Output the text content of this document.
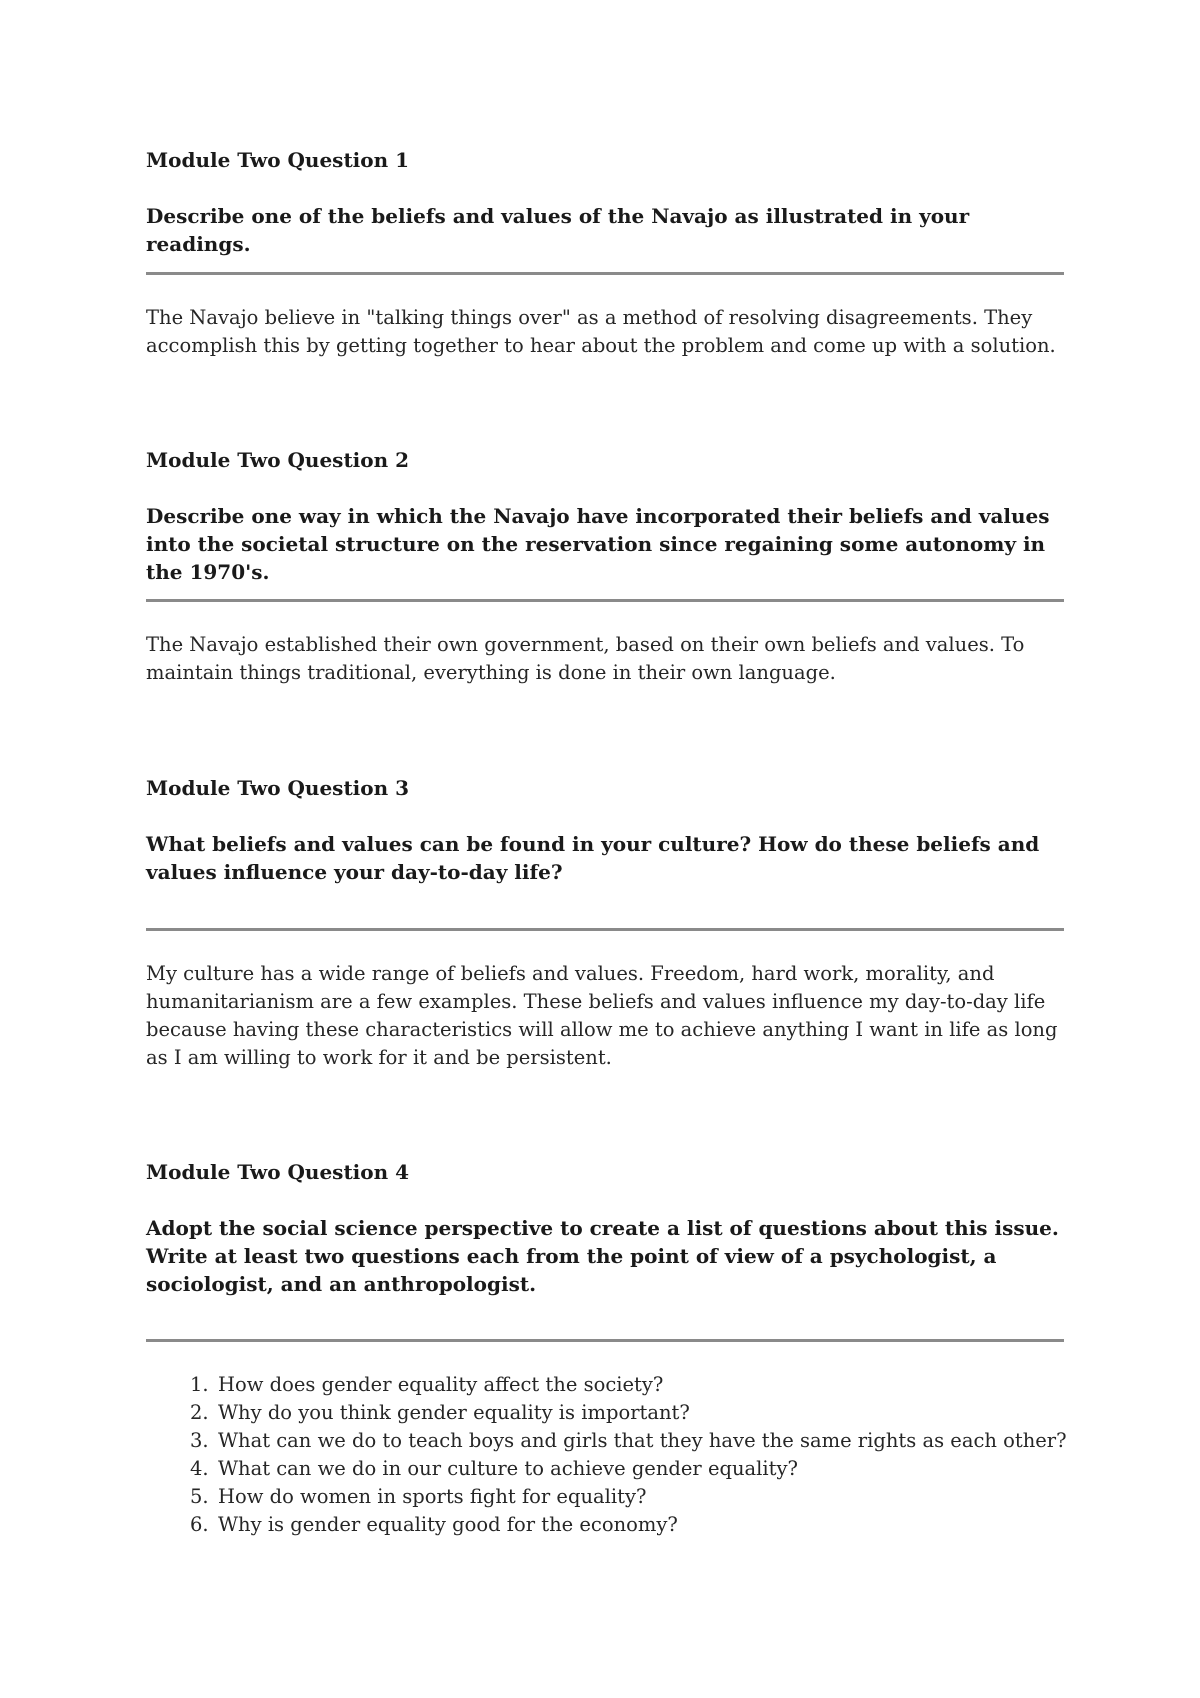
Module Two Question 1

Describe one of the beliefs and values of the Navajo as illustrated in your readings.

The Navajo believe in "talking things over" as a method of resolving disagreements. They accomplish this by getting together to hear about the problem and come up with a solution.

Module Two Question 2

Describe one way in which the Navajo have incorporated their beliefs and values into the societal structure on the reservation since regaining some autonomy in the 1970's.

The Navajo established their own government, based on their own beliefs and values. To maintain things traditional, everything is done in their own language.

Module Two Question 3

What beliefs and values can be found in your culture? How do these beliefs and values influence your day-to-day life?

My culture has a wide range of beliefs and values. Freedom, hard work, morality, and humanitarianism are a few examples. These beliefs and values influence my day-to-day life because having these characteristics will allow me to achieve anything I want in life as long as I am willing to work for it and be persistent.

Module Two Question 4

Adopt the social science perspective to create a list of questions about this issue. Write at least two questions each from the point of view of a psychologist, a sociologist, and an anthropologist.

1. How does gender equality affect the society?
2. Why do you think gender equality is important?
3. What can we do to teach boys and girls that they have the same rights as each other?
4. What can we do in our culture to achieve gender equality?
5. How do women in sports fight for equality?
6. Why is gender equality good for the economy?
